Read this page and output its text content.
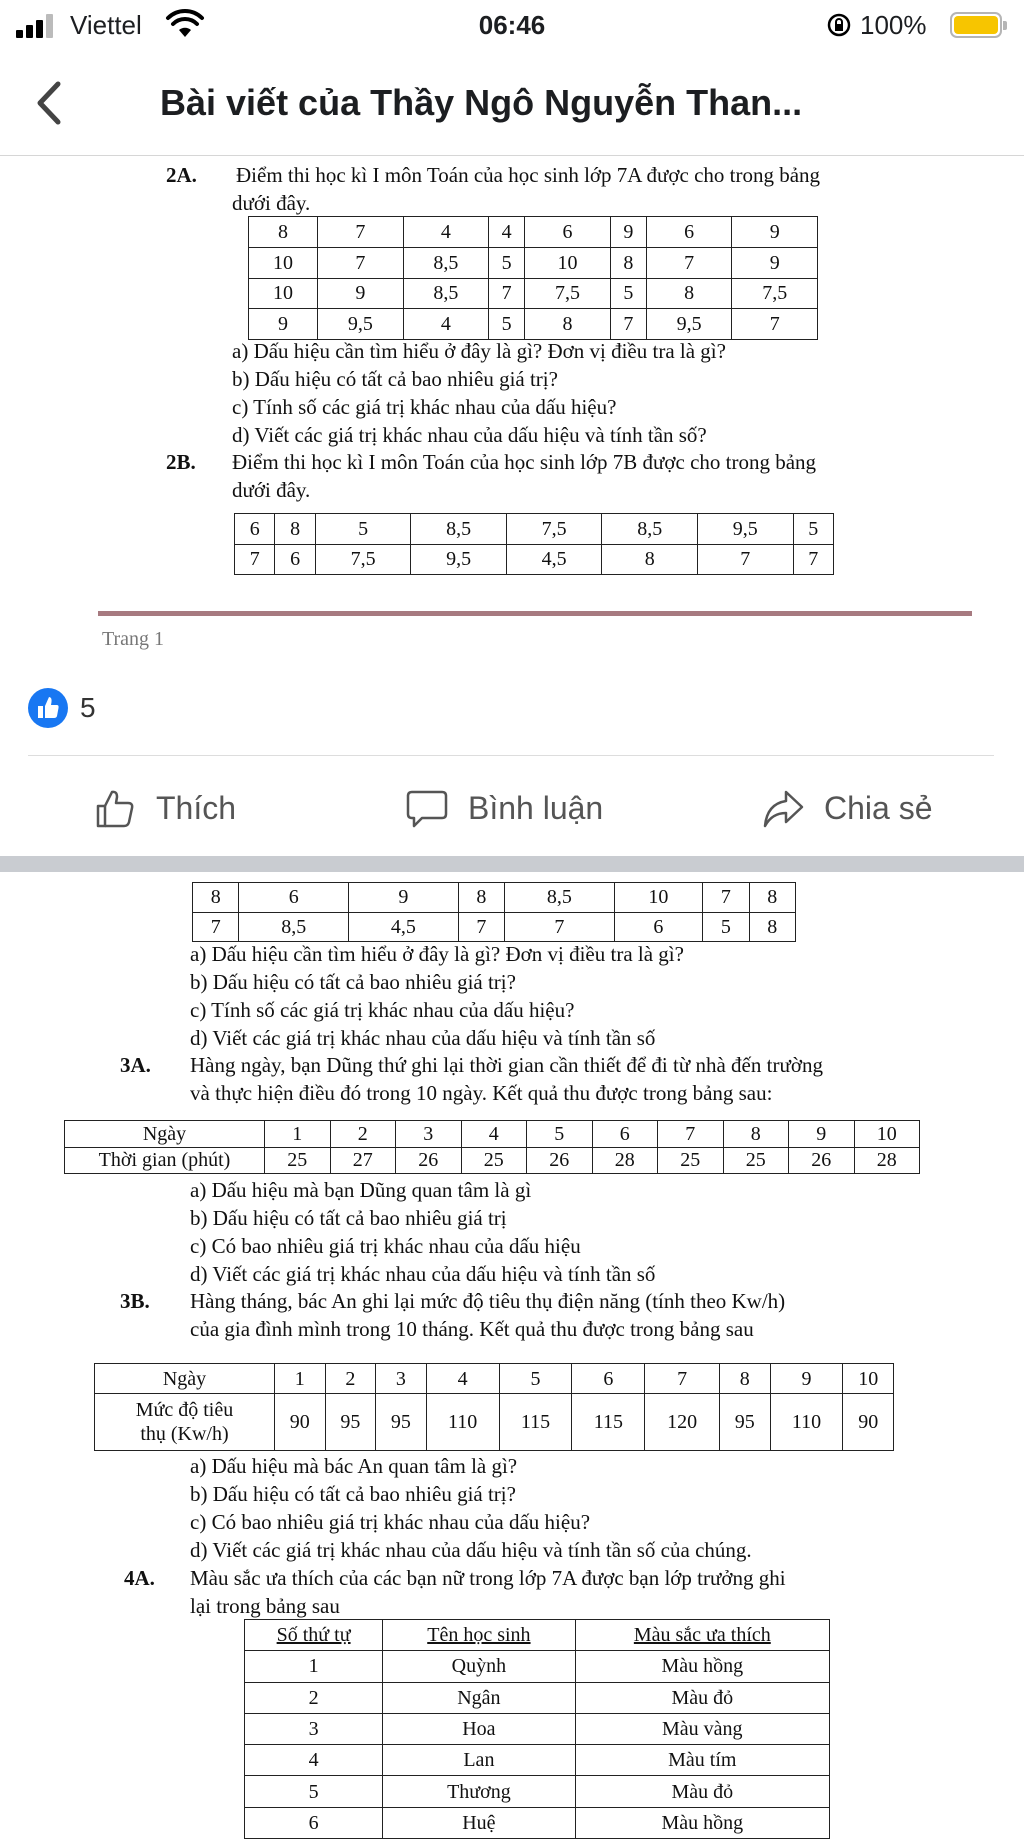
Viettel	06:46	100%
Bài viết của Thầy Ngô Nguyễn Than...
2A. Điểm thi học kì I môn Toán của học sinh lớp 7A được cho trong bảng
dưới đây.
8	7	4	4	6	9	6	9
10	7	8,5	5	10	8	7	9
10	9	8,5	7	7,5	5	8	7,5
9	9,5	4	5	8	7	9,5	7
a) Dấu hiệu cần tìm hiểu ở đây là gì? Đơn vị điều tra là gì?
b) Dấu hiệu có tất cả bao nhiêu giá trị?
c) Tính số các giá trị khác nhau của dấu hiệu?
d) Viết các giá trị khác nhau của dấu hiệu và tính tần số?
2B. Điểm thi học kì I môn Toán của học sinh lớp 7B được cho trong bảng
dưới đây.
6	8	5	8,5	7,5	8,5	9,5	5
7	6	7,5	9,5	4,5	8	7	7
Trang 1
5
Thích	Bình luận	Chia sẻ
8	6	9	8	8,5	10	7	8
7	8,5	4,5	7	7	6	5	8
a) Dấu hiệu cần tìm hiểu ở đây là gì? Đơn vị điều tra là gì?
b) Dấu hiệu có tất cả bao nhiêu giá trị?
c) Tính số các giá trị khác nhau của dấu hiệu?
d) Viết các giá trị khác nhau của dấu hiệu và tính tần số
3A. Hàng ngày, bạn Dũng thứ ghi lại thời gian cần thiết để đi từ nhà đến trường
và thực hiện điều đó trong 10 ngày. Kết quả thu được trong bảng sau:
Ngày	1	2	3	4	5	6	7	8	9	10
Thời gian (phút)	25	27	26	25	26	28	25	25	26	28
a) Dấu hiệu mà bạn Dũng quan tâm là gì
b) Dấu hiệu có tất cả bao nhiêu giá trị
c) Có bao nhiêu giá trị khác nhau của dấu hiệu
d) Viết các giá trị khác nhau của dấu hiệu và tính tần số
3B. Hàng tháng, bác An ghi lại mức độ tiêu thụ điện năng (tính theo Kw/h)
của gia đình mình trong 10 tháng. Kết quả thu được trong bảng sau
Ngày	1	2	3	4	5	6	7	8	9	10

Mức độ tiêu
thụ (Kw/h)	90	95	95	110	115	115	120	95	110	90
a) Dấu hiệu mà bác An quan tâm là gì?
b) Dấu hiệu có tất cả bao nhiêu giá trị?
c) Có bao nhiêu giá trị khác nhau của dấu hiệu?
d) Viết các giá trị khác nhau của dấu hiệu và tính tần số của chúng.
4A. Màu sắc ưa thích của các bạn nữ trong lớp 7A được bạn lớp trưởng ghi
lại trong bảng sau
Số thứ tự	Tên học sinh	Màu sắc ưa thích
1	Quỳnh	Màu hồng
2	Ngân	Màu đỏ
3	Hoa	Màu vàng
4	Lan	Màu tím
5	Thương	Màu đỏ
6	Huệ	Màu hồng
